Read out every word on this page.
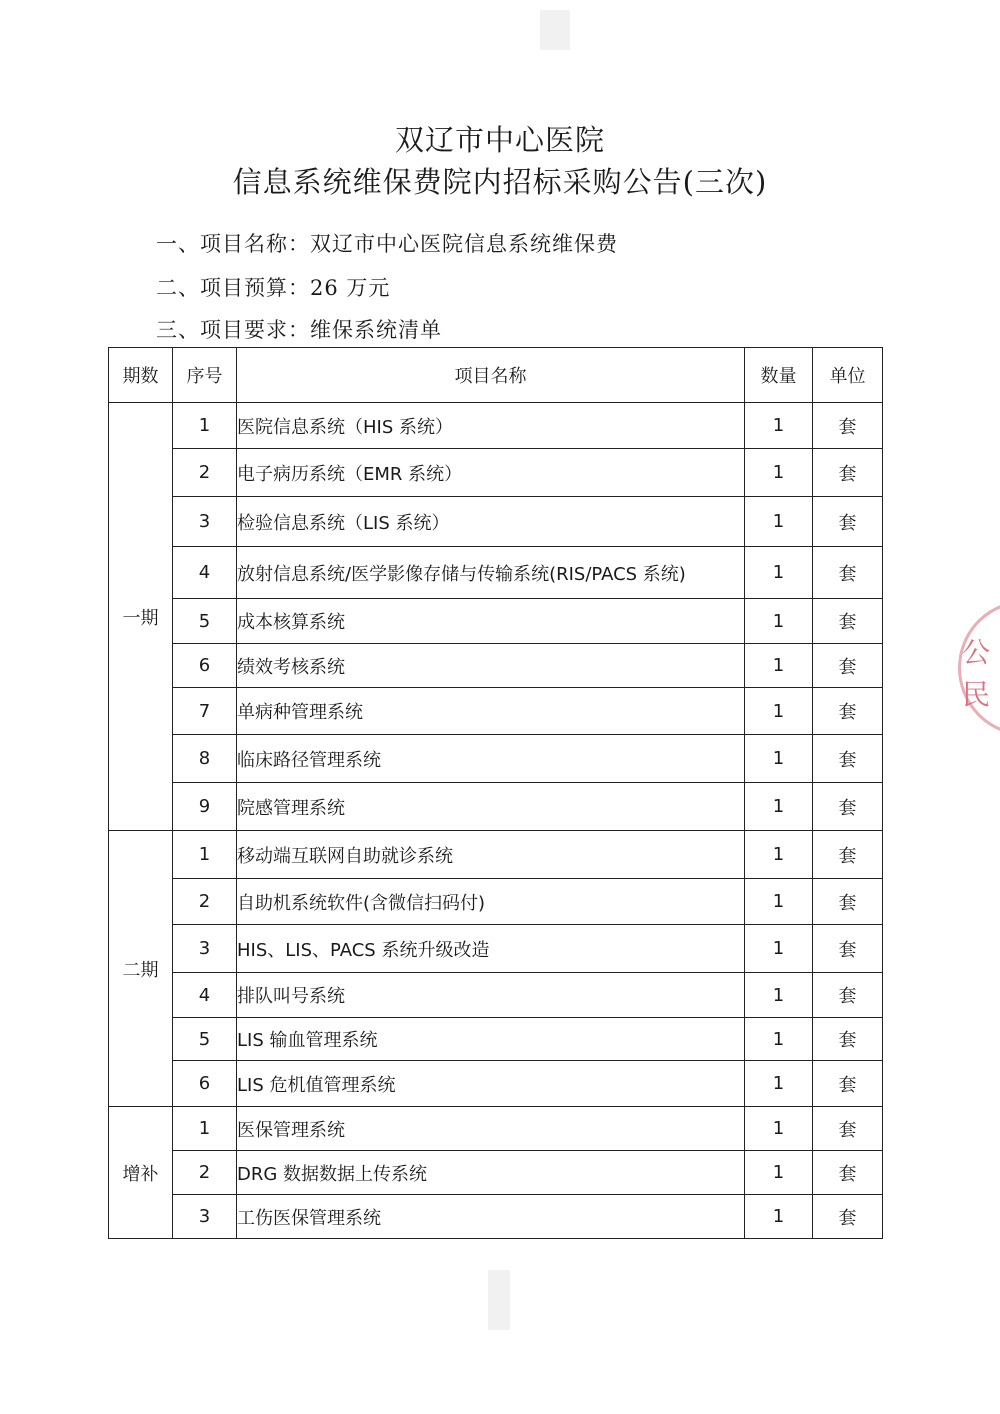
双辽市中心医院
信息系统维保费院内招标采购公告(三次)
一、项目名称：双辽市中心医院信息系统维保费
二、项目预算：26 万元
三、项目要求：维保系统清单
期数	序号	项目名称	数量	单位
一期	1	医院信息系统（HIS 系统）	1	套
	2	电子病历系统（EMR 系统）	1	套
	3	检验信息系统（LIS 系统）	1	套
	4	放射信息系统/医学影像存储与传输系统(RIS/PACS 系统)	1	套
	5	成本核算系统	1	套
	6	绩效考核系统	1	套
	7	单病种管理系统	1	套
	8	临床路径管理系统	1	套
	9	院感管理系统	1	套
二期	1	移动端互联网自助就诊系统	1	套
	2	自助机系统软件(含微信扫码付)	1	套
	3	HIS、LIS、PACS 系统升级改造	1	套
	4	排队叫号系统	1	套
	5	LIS 输血管理系统	1	套
	6	LIS 危机值管理系统	1	套
增补	1	医保管理系统	1	套
	2	DRG 数据数据上传系统	1	套
	3	工伤医保管理系统	1	套
公
民
